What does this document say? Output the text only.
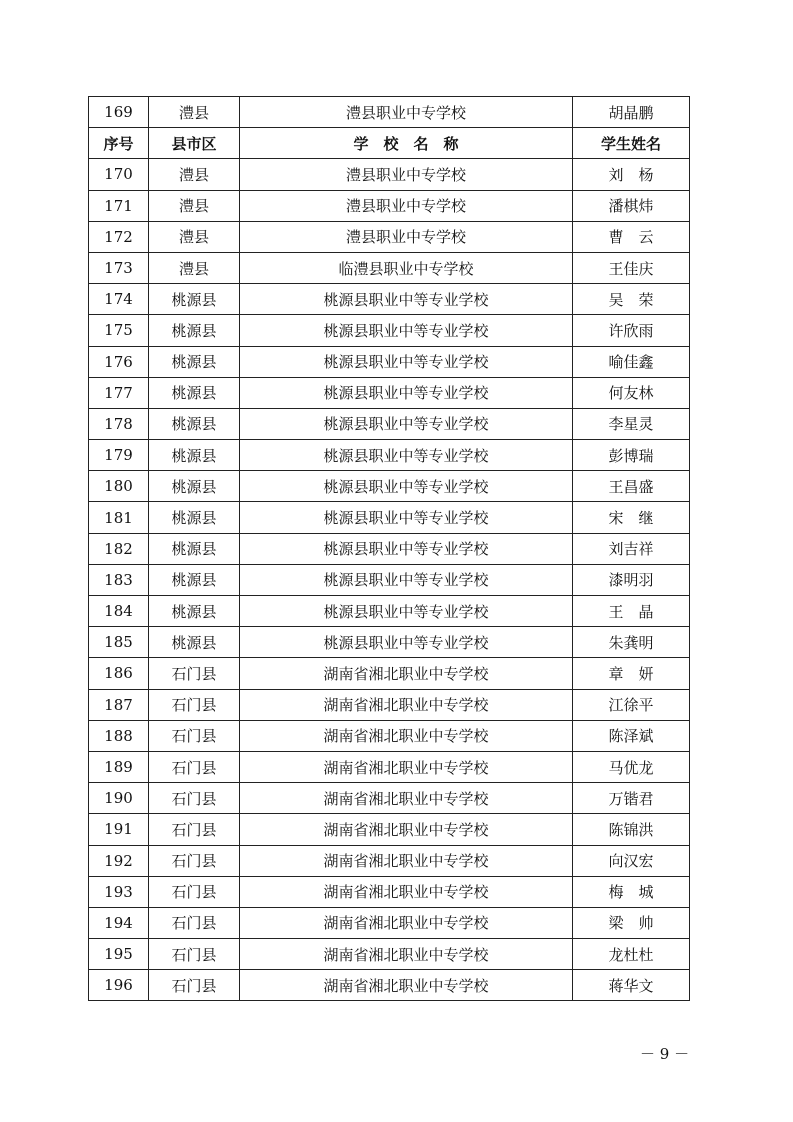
169	澧县	澧县职业中专学校	胡晶鹏
序号	县市区	学　校　名　称	学生姓名
170	澧县	澧县职业中专学校	刘　杨
171	澧县	澧县职业中专学校	潘棋炜
172	澧县	澧县职业中专学校	曹　云
173	澧县	临澧县职业中专学校	王佳庆
174	桃源县	桃源县职业中等专业学校	吴　荣
175	桃源县	桃源县职业中等专业学校	许欣雨
176	桃源县	桃源县职业中等专业学校	喻佳鑫
177	桃源县	桃源县职业中等专业学校	何友林
178	桃源县	桃源县职业中等专业学校	李星灵
179	桃源县	桃源县职业中等专业学校	彭博瑞
180	桃源县	桃源县职业中等专业学校	王昌盛
181	桃源县	桃源县职业中等专业学校	宋　继
182	桃源县	桃源县职业中等专业学校	刘吉祥
183	桃源县	桃源县职业中等专业学校	漆明羽
184	桃源县	桃源县职业中等专业学校	王　晶
185	桃源县	桃源县职业中等专业学校	朱龚明
186	石门县	湖南省湘北职业中专学校	章　妍
187	石门县	湖南省湘北职业中专学校	江徐平
188	石门县	湖南省湘北职业中专学校	陈泽斌
189	石门县	湖南省湘北职业中专学校	马优龙
190	石门县	湖南省湘北职业中专学校	万锴君
191	石门县	湖南省湘北职业中专学校	陈锦洪
192	石门县	湖南省湘北职业中专学校	向汉宏
193	石门县	湖南省湘北职业中专学校	梅　城
194	石门县	湖南省湘北职业中专学校	梁　帅
195	石门县	湖南省湘北职业中专学校	龙杜杜
196	石门县	湖南省湘北职业中专学校	蒋华文
－ 9 －
